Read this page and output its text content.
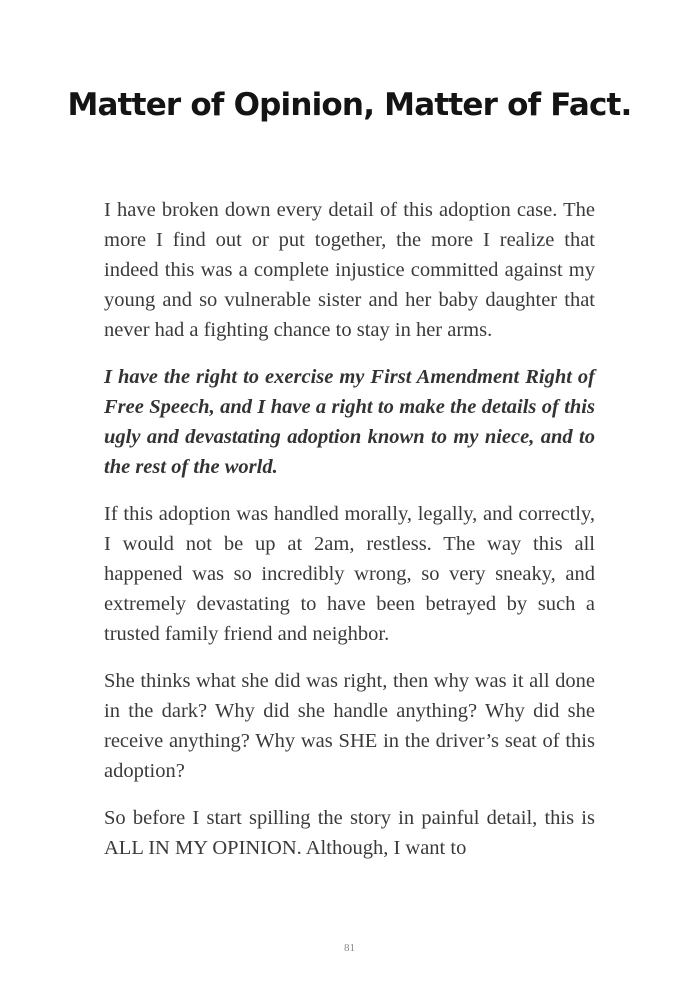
Matter of Opinion, Matter of Fact.

I have broken down every detail of this adoption case. The more I find out or put together, the more I realize that indeed this was a complete injustice committed against my young and so vulnerable sister and her baby daughter that never had a fighting chance to stay in her arms.

I have the right to exercise my First Amendment Right of Free Speech, and I have a right to make the details of this ugly and devastating adoption known to my niece, and to the rest of the world.

If this adoption was handled morally, legally, and correctly, I would not be up at 2am, restless. The way this all happened was so incredibly wrong, so very sneaky, and extremely devastating to have been betrayed by such a trusted family friend and neighbor.

She thinks what she did was right, then why was it all done in the dark? Why did she handle anything? Why did she receive anything? Why was SHE in the driver’s seat of this adoption?

So before I start spilling the story in painful detail, this is ALL IN MY OPINION. Although, I want to

81
